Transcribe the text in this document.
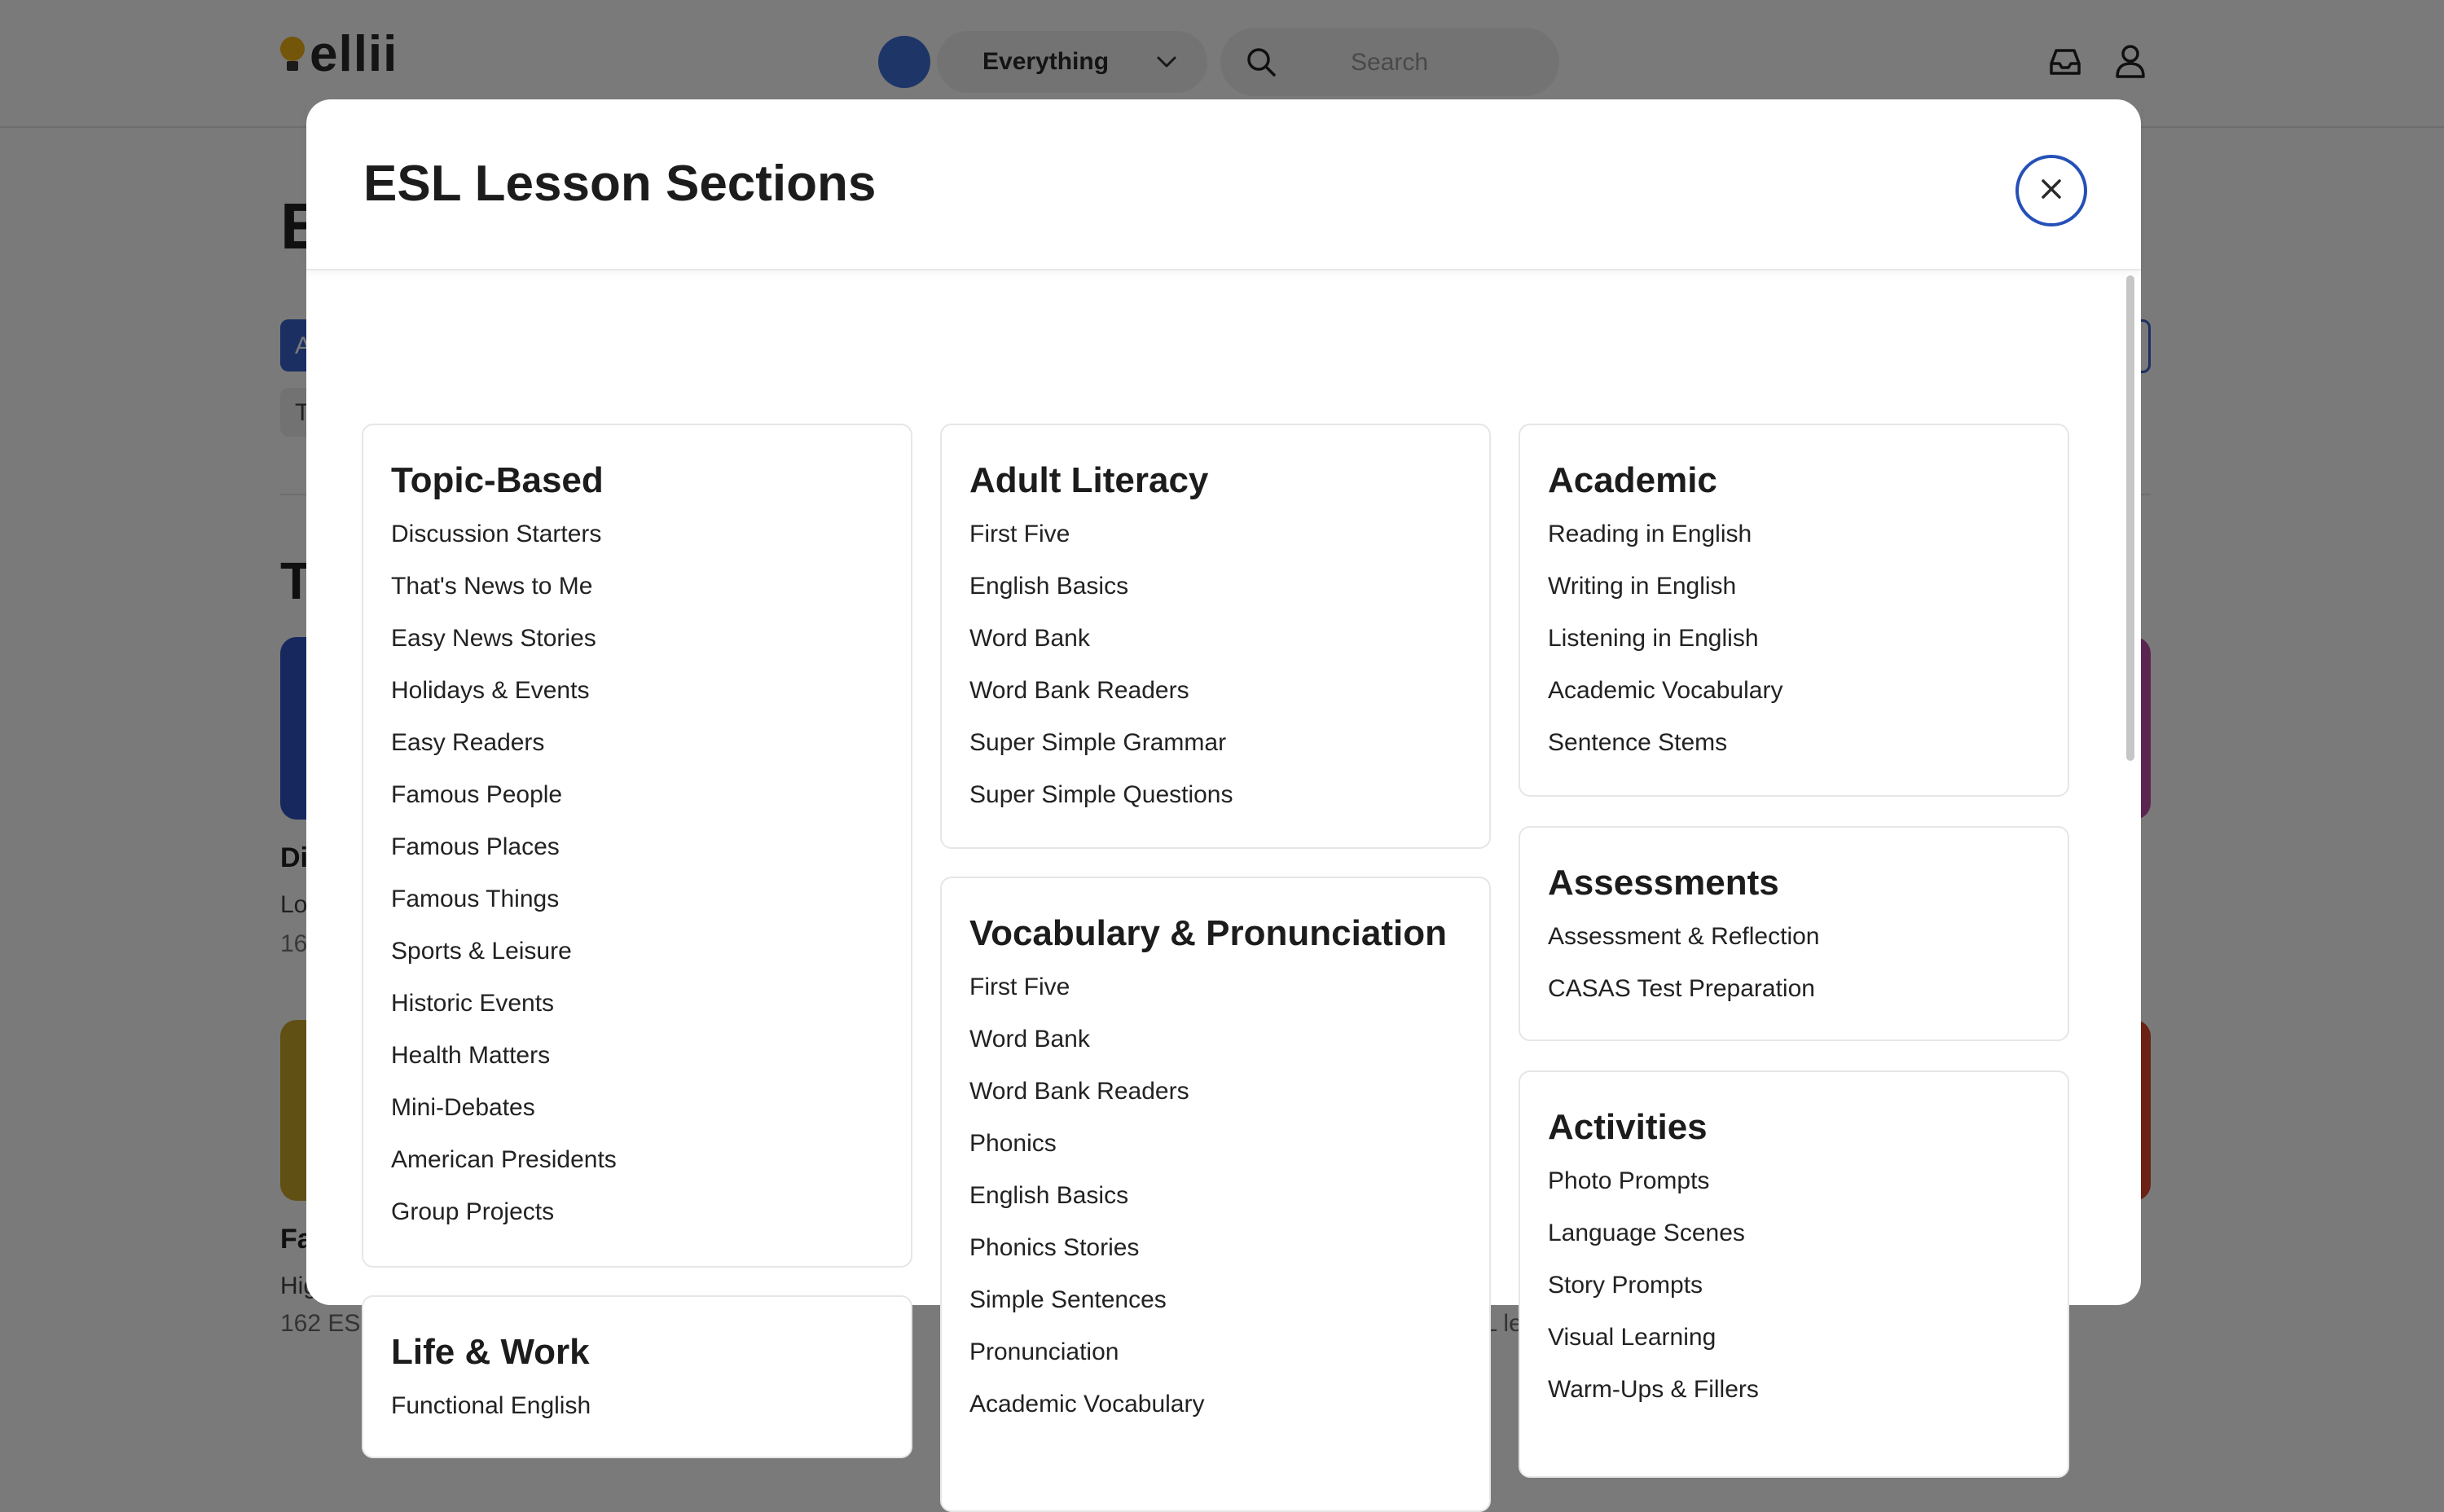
ESL Lesson Sections
Topic-Based
Discussion Starters
That's News to Me
Easy News Stories
Holidays & Events
Easy Readers
Famous People
Famous Places
Famous Things
Sports & Leisure
Historic Events
Health Matters
Mini-Debates
American Presidents
Group Projects
Life & Work
Functional English
Adult Literacy
First Five
English Basics
Word Bank
Word Bank Readers
Super Simple Grammar
Super Simple Questions
Vocabulary & Pronunciation
First Five
Word Bank
Word Bank Readers
Phonics
English Basics
Phonics Stories
Simple Sentences
Pronunciation
Academic Vocabulary
Academic
Reading in English
Writing in English
Listening in English
Academic Vocabulary
Sentence Stems
Assessments
Assessment & Reflection
CASAS Test Preparation
Activities
Photo Prompts
Language Scenes
Story Prompts
Visual Learning
Warm-Ups & Fillers
